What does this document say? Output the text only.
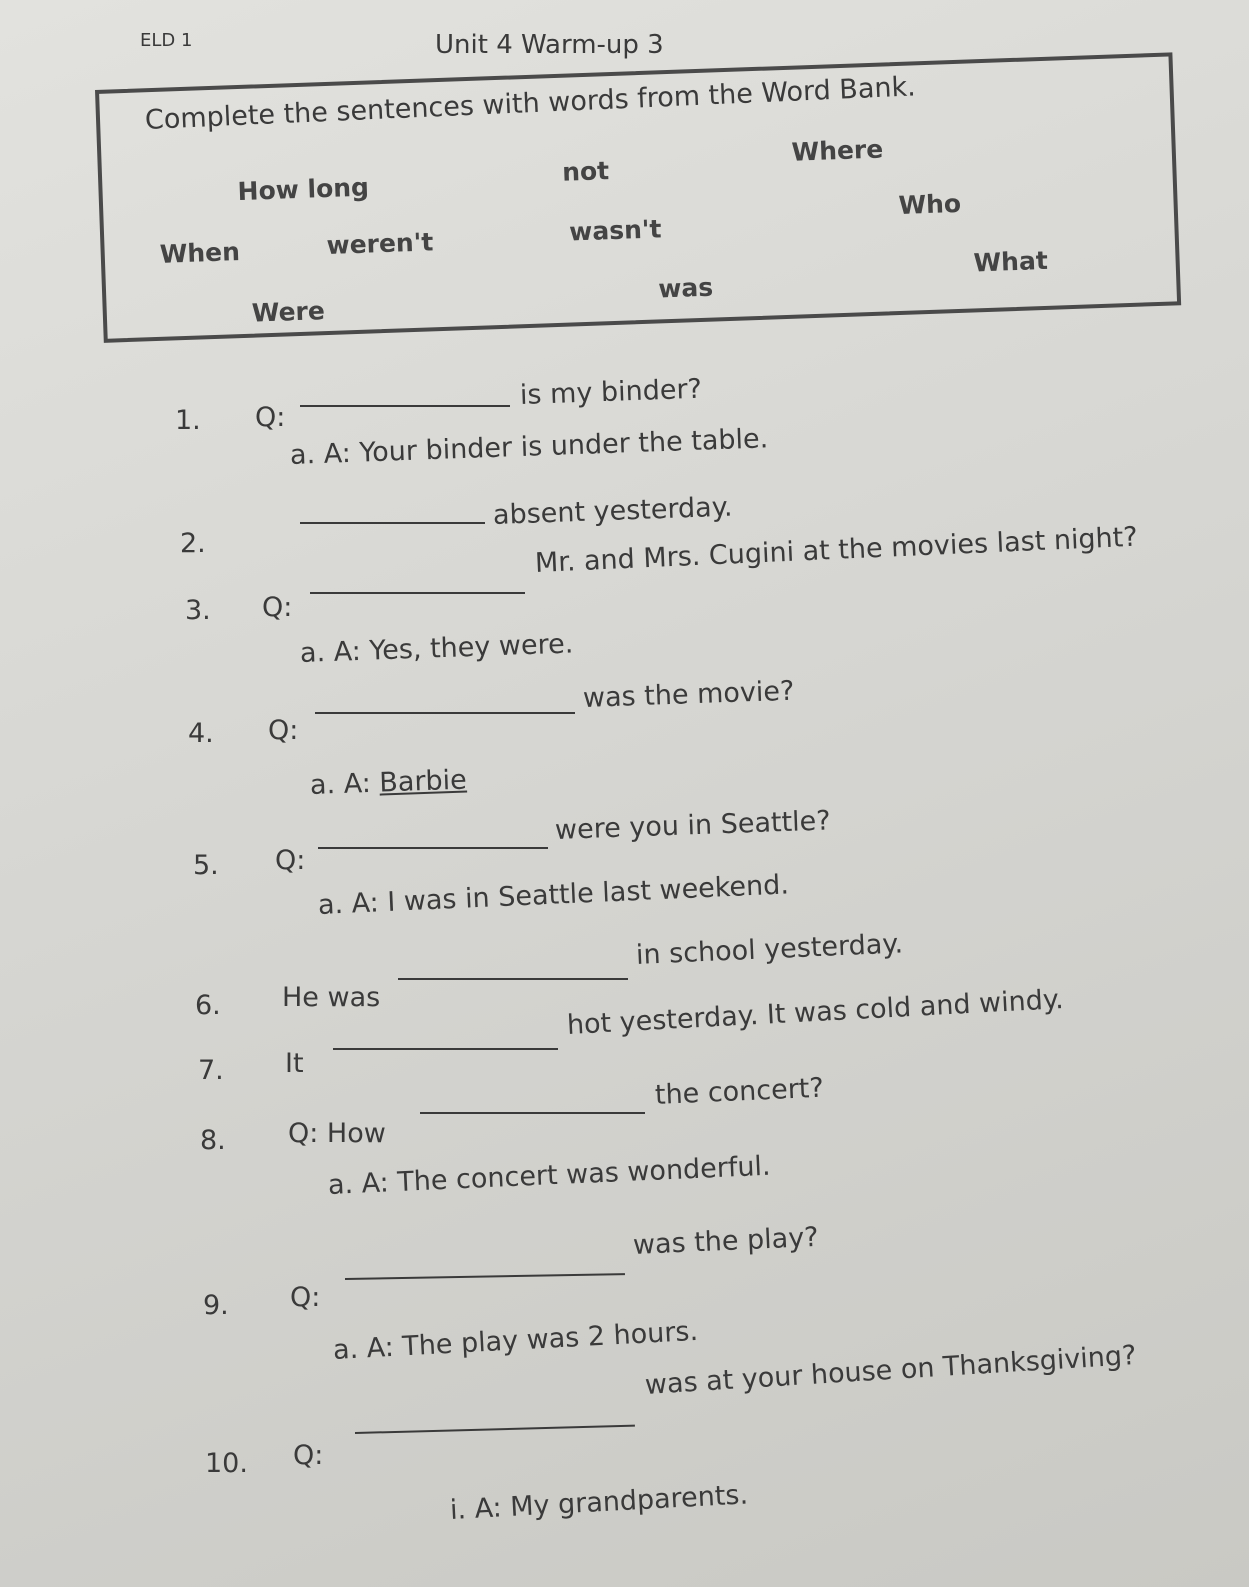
ELD 1	Unit 4 Warm-up 3
Complete the sentences with words from the Word Bank.
How long
not
Where
Who
When	weren't	wasn't
What
was
Were
1. Q:
is my binder?
a. A: Your binder is under the table.
2.
absent yesterday.
3. Q:
Mr. and Mrs. Cugini at the movies last night?
a. A: Yes, they were.
4. Q:
was the movie?
a. A: Barbie
5. Q:
were you in Seattle?
a. A: I was in Seattle last weekend.
6. He was
in school yesterday.
7. It
hot yesterday. It was cold and windy.
8. Q: How
the concert?
a. A: The concert was wonderful.
9. Q:
was the play?
a. A: The play was 2 hours.
10. Q:
was at your house on Thanksgiving?
i. A: My grandparents.
